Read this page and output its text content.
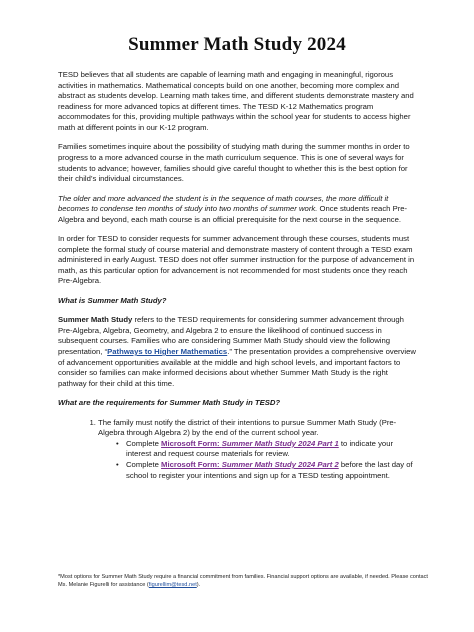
Summer Math Study 2024

TESD believes that all students are capable of learning math and engaging in meaningful, rigorous activities in mathematics. Mathematical concepts build on one another, becoming more complex and abstract as students develop. Learning math takes time, and different students demonstrate mastery and readiness for more advanced topics at different times. The TESD K-12 Mathematics program accommodates for this, providing multiple pathways within the school year for students to access higher math at different points in our K-12 program.

Families sometimes inquire about the possibility of studying math during the summer months in order to progress to a more advanced course in the math curriculum sequence. This is one of several ways for students to advance; however, families should give careful thought to whether this is the best option for their child’s individual circumstances.

The older and more advanced the student is in the sequence of math courses, the more difficult it becomes to condense ten months of study into two months of summer work. Once students reach Pre-Algebra and beyond, each math course is an official prerequisite for the next course in the sequence.

In order for TESD to consider requests for summer advancement through these courses, students must complete the formal study of course material and demonstrate mastery of content through a TESD exam administered in early August. TESD does not offer summer instruction for the purpose of advancement in math, as this particular option for advancement is not recommended for most students once they reach Pre-Algebra.

What is Summer Math Study?

Summer Math Study refers to the TESD requirements for considering summer advancement through Pre-Algebra, Algebra, Geometry, and Algebra 2 to ensure the likelihood of continued success in subsequent courses. Families who are considering Summer Math Study should view the following presentation, “Pathways to Higher Mathematics.” The presentation provides a comprehensive overview of advancement opportunities available at the middle and high school levels, and important factors to consider so families can make informed decisions about whether Summer Math Study is the right pathway for their child at this time.

What are the requirements for Summer Math Study in TESD?

1. The family must notify the district of their intentions to pursue Summer Math Study (Pre-Algebra through Algebra 2) by the end of the current school year.
• Complete Microsoft Form: Summer Math Study 2024 Part 1 to indicate your interest and request course materials for review.
• Complete Microsoft Form: Summer Math Study 2024 Part 2 before the last day of school to register your intentions and sign up for a TESD testing appointment.
*Most options for Summer Math Study require a financial commitment from families. Financial support options are available, if needed. Please contact Ms. Melanie Figurelli for assistance (figurellim@tesd.net).
